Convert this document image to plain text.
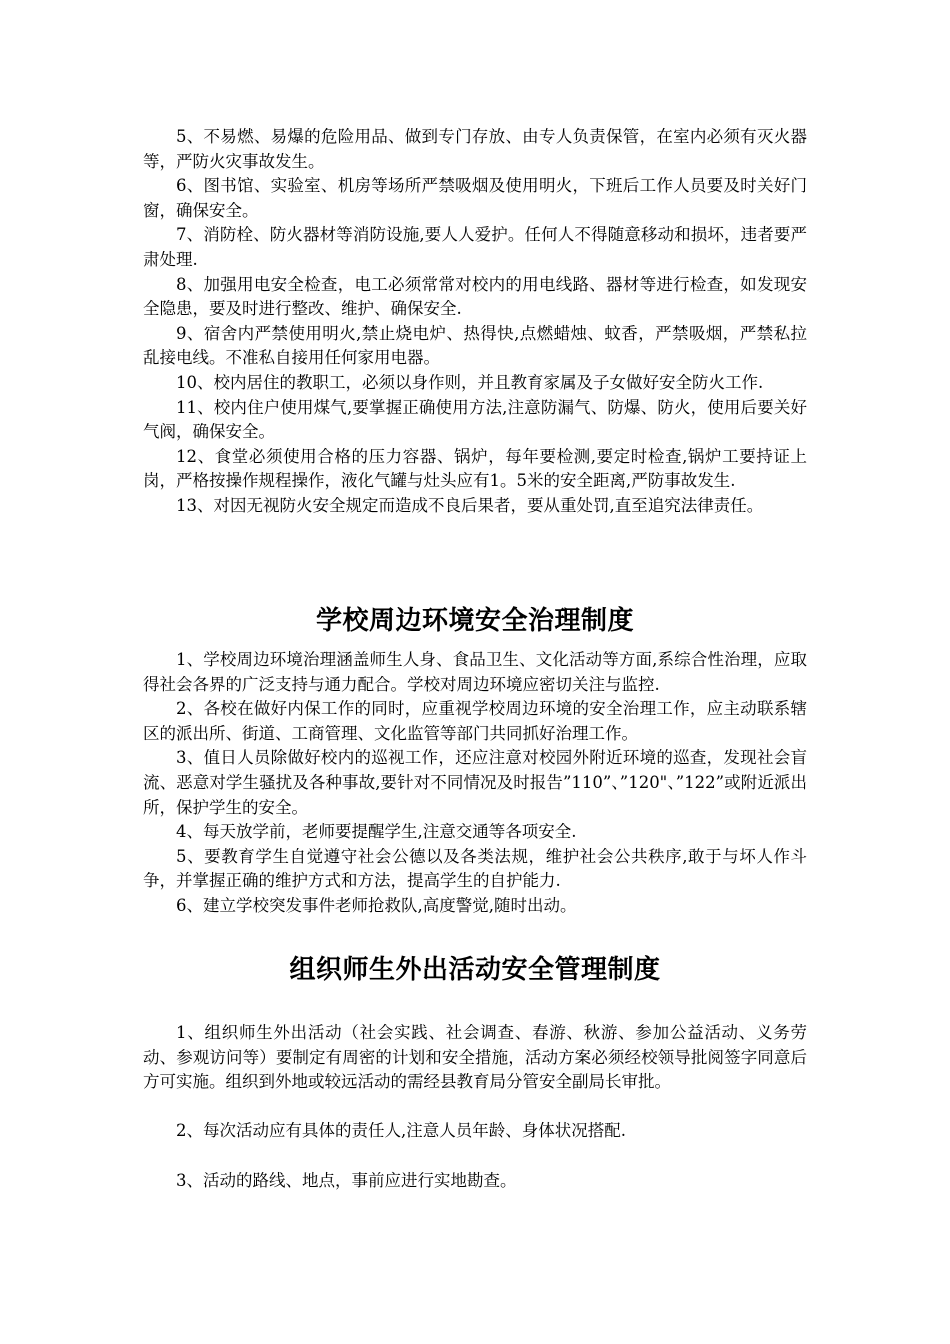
5、不易燃、易爆的危险用品、做到专门存放、由专人负责保管，在室内必须有灭火器等，严防火灾事故发生。

6、图书馆、实验室、机房等场所严禁吸烟及使用明火，下班后工作人员要及时关好门窗，确保安全。

7、消防栓、防火器材等消防设施,要人人爱护。任何人不得随意移动和损坏，违者要严肃处理.

8、加强用电安全检查，电工必须常常对校内的用电线路、器材等进行检查，如发现安全隐患，要及时进行整改、维护、确保安全.

9、宿舍内严禁使用明火,禁止烧电炉、热得快,点燃蜡烛、蚊香，严禁吸烟，严禁私拉乱接电线。不准私自接用任何家用电器。

10、校内居住的教职工，必须以身作则，并且教育家属及子女做好安全防火工作.

11、校内住户使用煤气,要掌握正确使用方法,注意防漏气、防爆、防火，使用后要关好气阀，确保安全。

12、食堂必须使用合格的压力容器、锅炉，每年要检测,要定时检查,锅炉工要持证上岗，严格按操作规程操作，液化气罐与灶头应有1。5米的安全距离,严防事故发生.

13、对因无视防火安全规定而造成不良后果者，要从重处罚,直至追究法律责任。

学校周边环境安全治理制度

1、学校周边环境治理涵盖师生人身、食品卫生、文化活动等方面,系综合性治理，应取得社会各界的广泛支持与通力配合。学校对周边环境应密切关注与监控.

2、各校在做好内保工作的同时，应重视学校周边环境的安全治理工作，应主动联系辖区的派出所、街道、工商管理、文化监管等部门共同抓好治理工作。

3、值日人员除做好校内的巡视工作，还应注意对校园外附近环境的巡查，发现社会盲流、恶意对学生骚扰及各种事故,要针对不同情况及时报告”110”、”120"、”122”或附近派出所，保护学生的安全。

4、每天放学前，老师要提醒学生,注意交通等各项安全.

5、要教育学生自觉遵守社会公德以及各类法规，维护社会公共秩序,敢于与坏人作斗争，并掌握正确的维护方式和方法，提高学生的自护能力.

6、建立学校突发事件老师抢救队,高度警觉,随时出动。

组织师生外出活动安全管理制度

1、组织师生外出活动（社会实践、社会调查、春游、秋游、参加公益活动、义务劳动、参观访问等）要制定有周密的计划和安全措施，活动方案必须经校领导批阅签字同意后方可实施。组织到外地或较远活动的需经县教育局分管安全副局长审批。

2、每次活动应有具体的责任人,注意人员年龄、身体状况搭配.

3、活动的路线、地点，事前应进行实地勘查。
